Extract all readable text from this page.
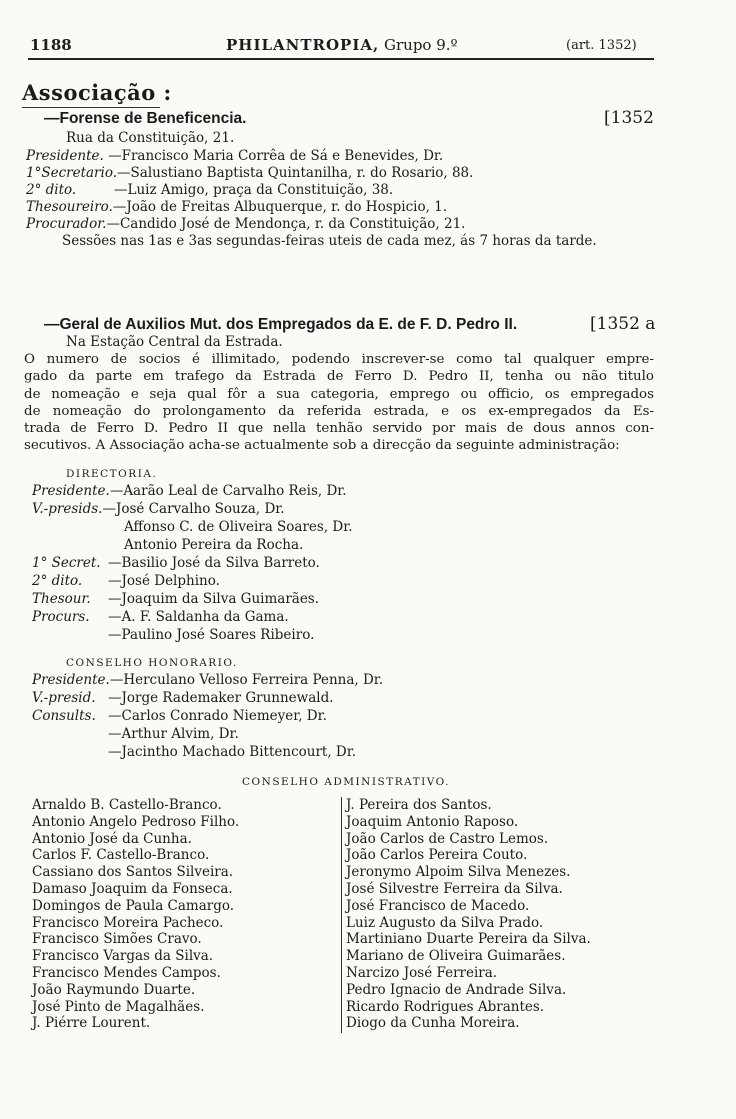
1188	PHILANTROPIA, Grupo 9.º	(art. 1352)
Associação :
—Forense de Beneficencia.	[1352
Rua da Constituição, 21.
Presidente. —Francisco Maria Corrêa de Sá e Benevides, Dr.
1°Secretario.—Salustiano Baptista Quintanilha, r. do Rosario, 88.
2° dito.	—Luiz Amigo, praça da Constituição, 38.
Thesoureiro.—João de Freitas Albuquerque, r. do Hospicio, 1.
Procurador.—Candido José de Mendonça, r. da Constituição, 21.
Sessões nas 1as e 3as segundas-feiras uteis de cada mez, ás 7 horas da tarde.
—Geral de Auxilios Mut. dos Empregados da E. de F. D. Pedro II.	[1352 a
Na Estação Central da Estrada.
O numero de socios é illimitado, podendo inscrever-se como tal qualquer empre-
gado da parte em trafego da Estrada de Ferro D. Pedro II, tenha ou não titulo
de nomeação e seja qual fôr a sua categoria, emprego ou officio, os empregados
de nomeação do prolongamento da referida estrada, e os ex-empregados da Es-
trada de Ferro D. Pedro II que nella tenhão servido por mais de dous annos con-
secutivos. A Associação acha-se actualmente sob a direcção da seguinte administração:
DIRECTORIA.
Presidente.—Aarão Leal de Carvalho Reis, Dr.
V.-presids.—José Carvalho Souza, Dr.
Affonso C. de Oliveira Soares, Dr.
Antonio Pereira da Rocha.
1° Secret. —Basilio José da Silva Barreto.
2° dito. —José Delphino.
Thesour. —Joaquim da Silva Guimarães.
Procurs. —A. F. Saldanha da Gama.
—Paulino José Soares Ribeiro.
CONSELHO HONORARIO.
Presidente.—Herculano Velloso Ferreira Penna, Dr.
V.-presid. —Jorge Rademaker Grunnewald.
Consults. —Carlos Conrado Niemeyer, Dr.
—Arthur Alvim, Dr.
—Jacintho Machado Bittencourt, Dr.
CONSELHO ADMINISTRATIVO.
Arnaldo B. Castello-Branco.
Antonio Angelo Pedroso Filho.
Antonio José da Cunha.
Carlos F. Castello-Branco.
Cassiano dos Santos Silveira.
Damaso Joaquim da Fonseca.
Domingos de Paula Camargo.
Francisco Moreira Pacheco.
Francisco Simões Cravo.
Francisco Vargas da Silva.
Francisco Mendes Campos.
João Raymundo Duarte.
José Pinto de Magalhães.
J. Piérre Lourent.
J. Pereira dos Santos.
Joaquim Antonio Raposo.
João Carlos de Castro Lemos.
João Carlos Pereira Couto.
Jeronymo Alpoim Silva Menezes.
José Silvestre Ferreira da Silva.
José Francisco de Macedo.
Luiz Augusto da Silva Prado.
Martiniano Duarte Pereira da Silva.
Mariano de Oliveira Guimarães.
Narcizo José Ferreira.
Pedro Ignacio de Andrade Silva.
Ricardo Rodrigues Abrantes.
Diogo da Cunha Moreira.
